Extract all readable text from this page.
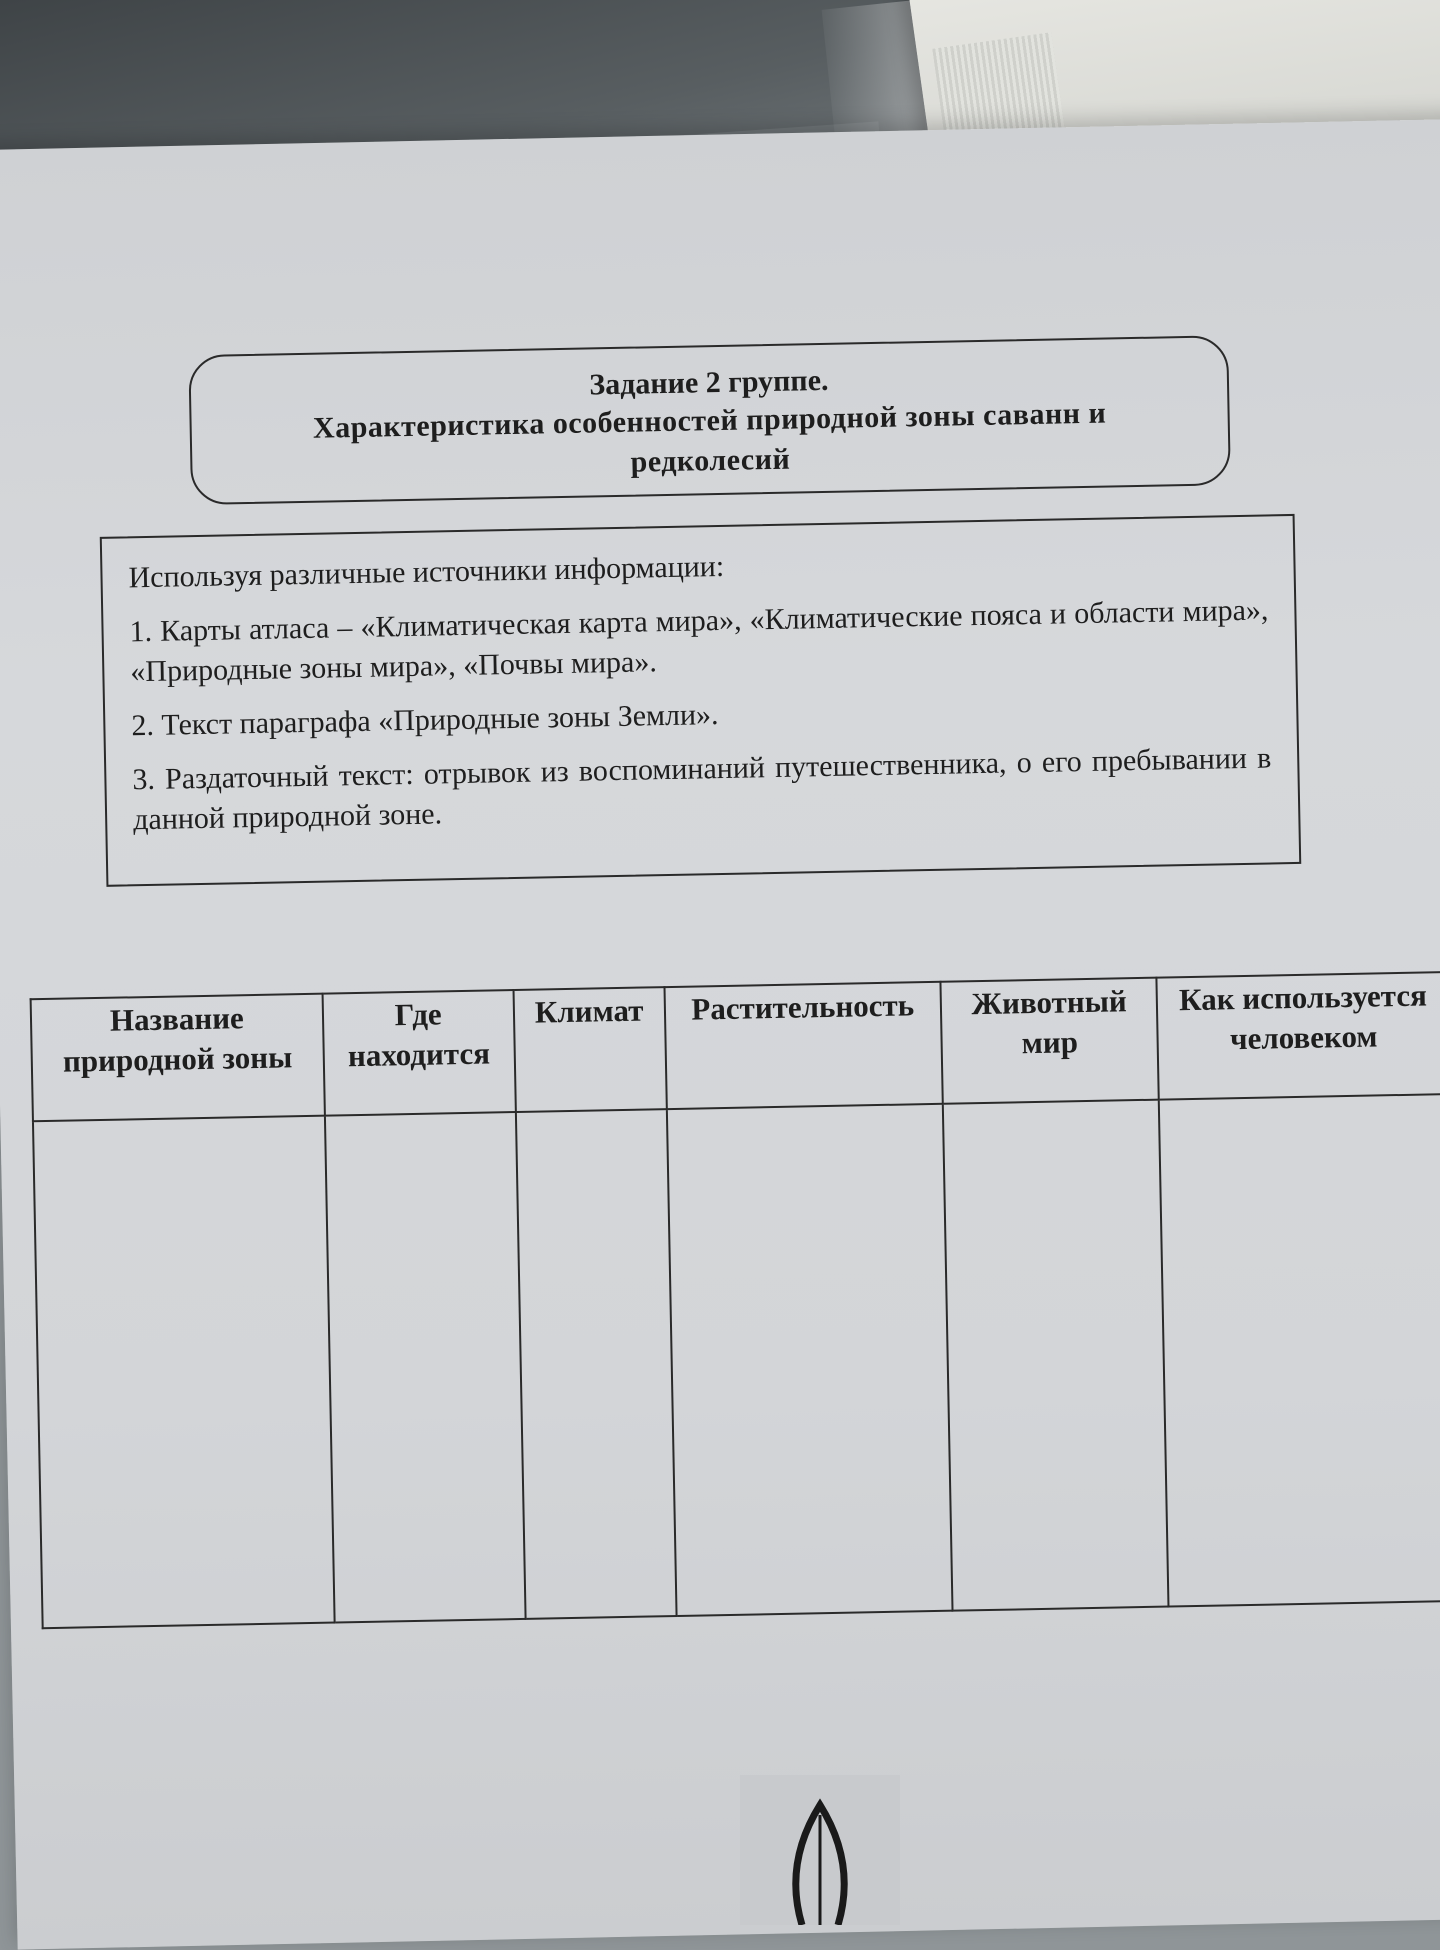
Задание 2 группе.
Характеристика особенностей природной зоны саванн и
редколесий

Используя различные источники информации:

1. Карты атласа – «Климатическая карта мира», «Климатические пояса и области мира», «Природные зоны мира», «Почвы мира».

2. Текст параграфа «Природные зоны Земли».

3. Раздаточный текст: отрывок из воспоминаний путешественника, о его пребывании в данной природной зоне.

Название природной зоны	Где находится	Климат	Растительность	Животный мир	Как используется человеком
